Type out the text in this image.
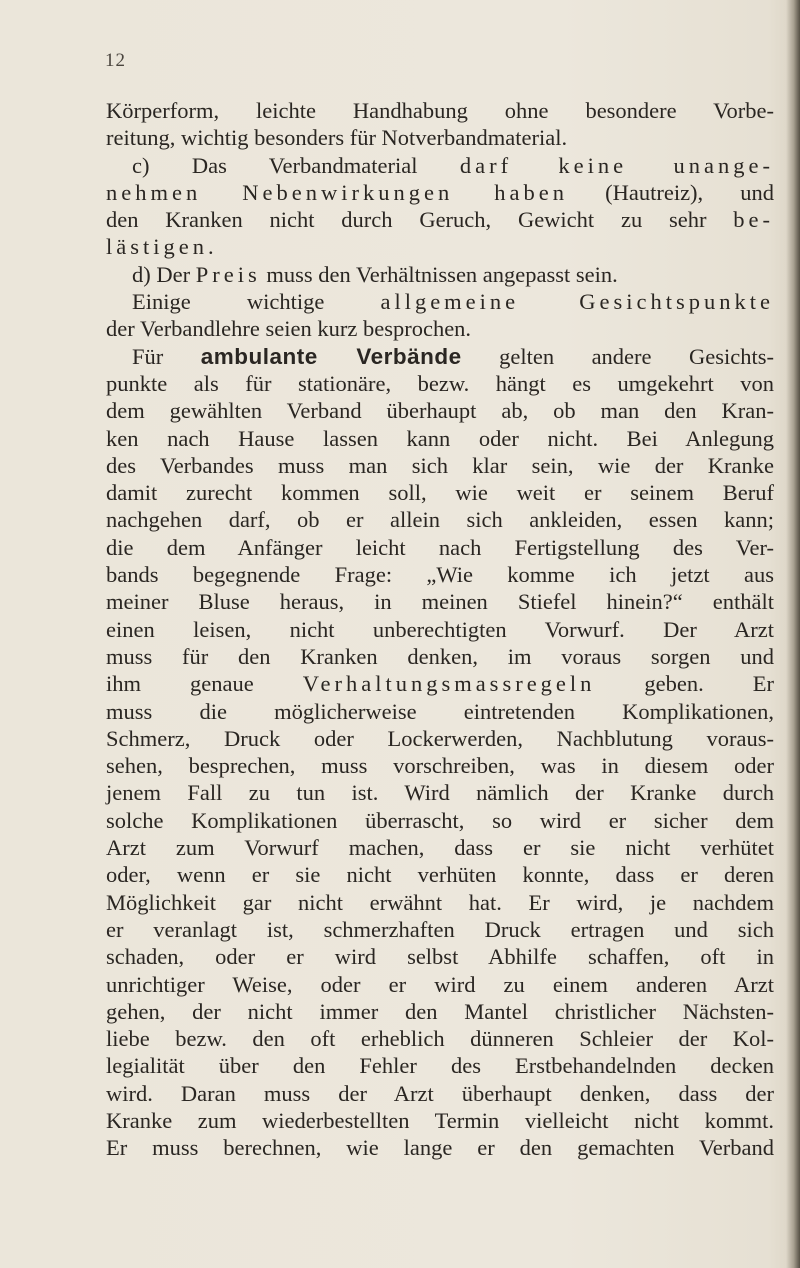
12
Körperform, leichte Handhabung ohne besondere Vorbe-
reitung, wichtig besonders für Notverbandmaterial.
c) Das Verbandmaterial darf keine unange-
nehmen Nebenwirkungen haben (Hautreiz), und
den Kranken nicht durch Geruch, Gewicht zu sehr be-
lästigen.
d) Der Preis muss den Verhältnissen angepasst sein.
Einige wichtige allgemeine Gesichtspunkte
der Verbandlehre seien kurz besprochen.
Für ambulante Verbände gelten andere Gesichts-
punkte als für stationäre, bezw. hängt es umgekehrt von
dem gewählten Verband überhaupt ab, ob man den Kran-
ken nach Hause lassen kann oder nicht. Bei Anlegung
des Verbandes muss man sich klar sein, wie der Kranke
damit zurecht kommen soll, wie weit er seinem Beruf
nachgehen darf, ob er allein sich ankleiden, essen kann;
die dem Anfänger leicht nach Fertigstellung des Ver-
bands begegnende Frage: „Wie komme ich jetzt aus
meiner Bluse heraus, in meinen Stiefel hinein?“ enthält
einen leisen, nicht unberechtigten Vorwurf. Der Arzt
muss für den Kranken denken, im voraus sorgen und
ihm genaue Verhaltungsmassregeln geben. Er
muss die möglicherweise eintretenden Komplikationen,
Schmerz, Druck oder Lockerwerden, Nachblutung voraus-
sehen, besprechen, muss vorschreiben, was in diesem oder
jenem Fall zu tun ist. Wird nämlich der Kranke durch
solche Komplikationen überrascht, so wird er sicher dem
Arzt zum Vorwurf machen, dass er sie nicht verhütet
oder, wenn er sie nicht verhüten konnte, dass er deren
Möglichkeit gar nicht erwähnt hat. Er wird, je nachdem
er veranlagt ist, schmerzhaften Druck ertragen und sich
schaden, oder er wird selbst Abhilfe schaffen, oft in
unrichtiger Weise, oder er wird zu einem anderen Arzt
gehen, der nicht immer den Mantel christlicher Nächsten-
liebe bezw. den oft erheblich dünneren Schleier der Kol-
legialität über den Fehler des Erstbehandelnden decken
wird. Daran muss der Arzt überhaupt denken, dass der
Kranke zum wiederbestellten Termin vielleicht nicht kommt.
Er muss berechnen, wie lange er den gemachten Verband
